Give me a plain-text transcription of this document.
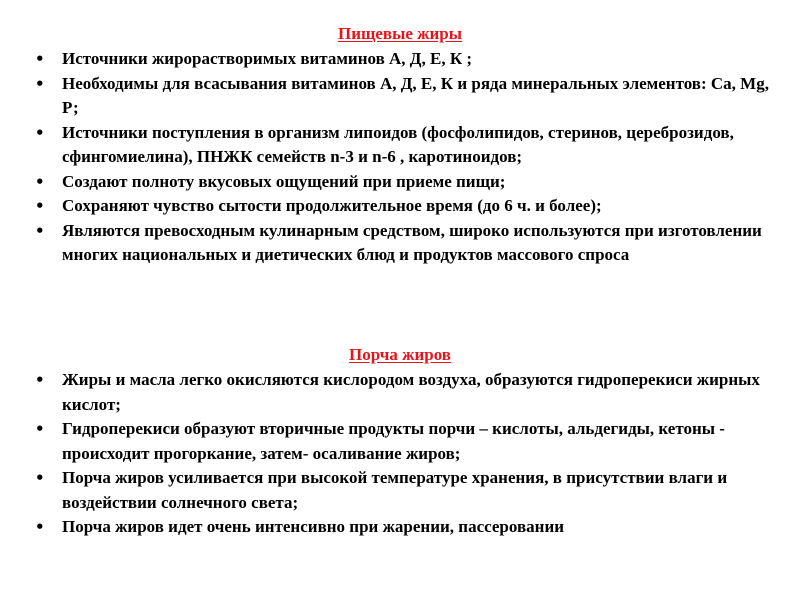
Пищевые жиры
• Источники жирорастворимых витаминов А, Д, Е, К ;
• Необходимы для всасывания витаминов А, Д, Е, К и ряда минеральных элементов: Са, Mg, Р;
• Источники поступления в организм липоидов (фосфолипидов, стеринов, цереброзидов, сфингомиелина), ПНЖК семейств n-3 и n-6 , каротиноидов;
• Создают полноту вкусовых ощущений при приеме пищи;
• Сохраняют чувство сытости продолжительное время (до 6 ч. и более);
• Являются превосходным кулинарным средством, широко используются при изготовлении многих национальных и диетических блюд и продуктов массового спроса
Порча жиров
• Жиры и масла легко окисляются кислородом воздуха, образуются гидроперекиси жирных кислот;
• Гидроперекиси образуют вторичные продукты порчи – кислоты, альдегиды, кетоны - происходит прогоркание, затем- осаливание жиров;
• Порча жиров усиливается при высокой температуре хранения, в присутствии влаги и воздействии солнечного света;
• Порча жиров идет очень интенсивно при жарении, пассеровании
